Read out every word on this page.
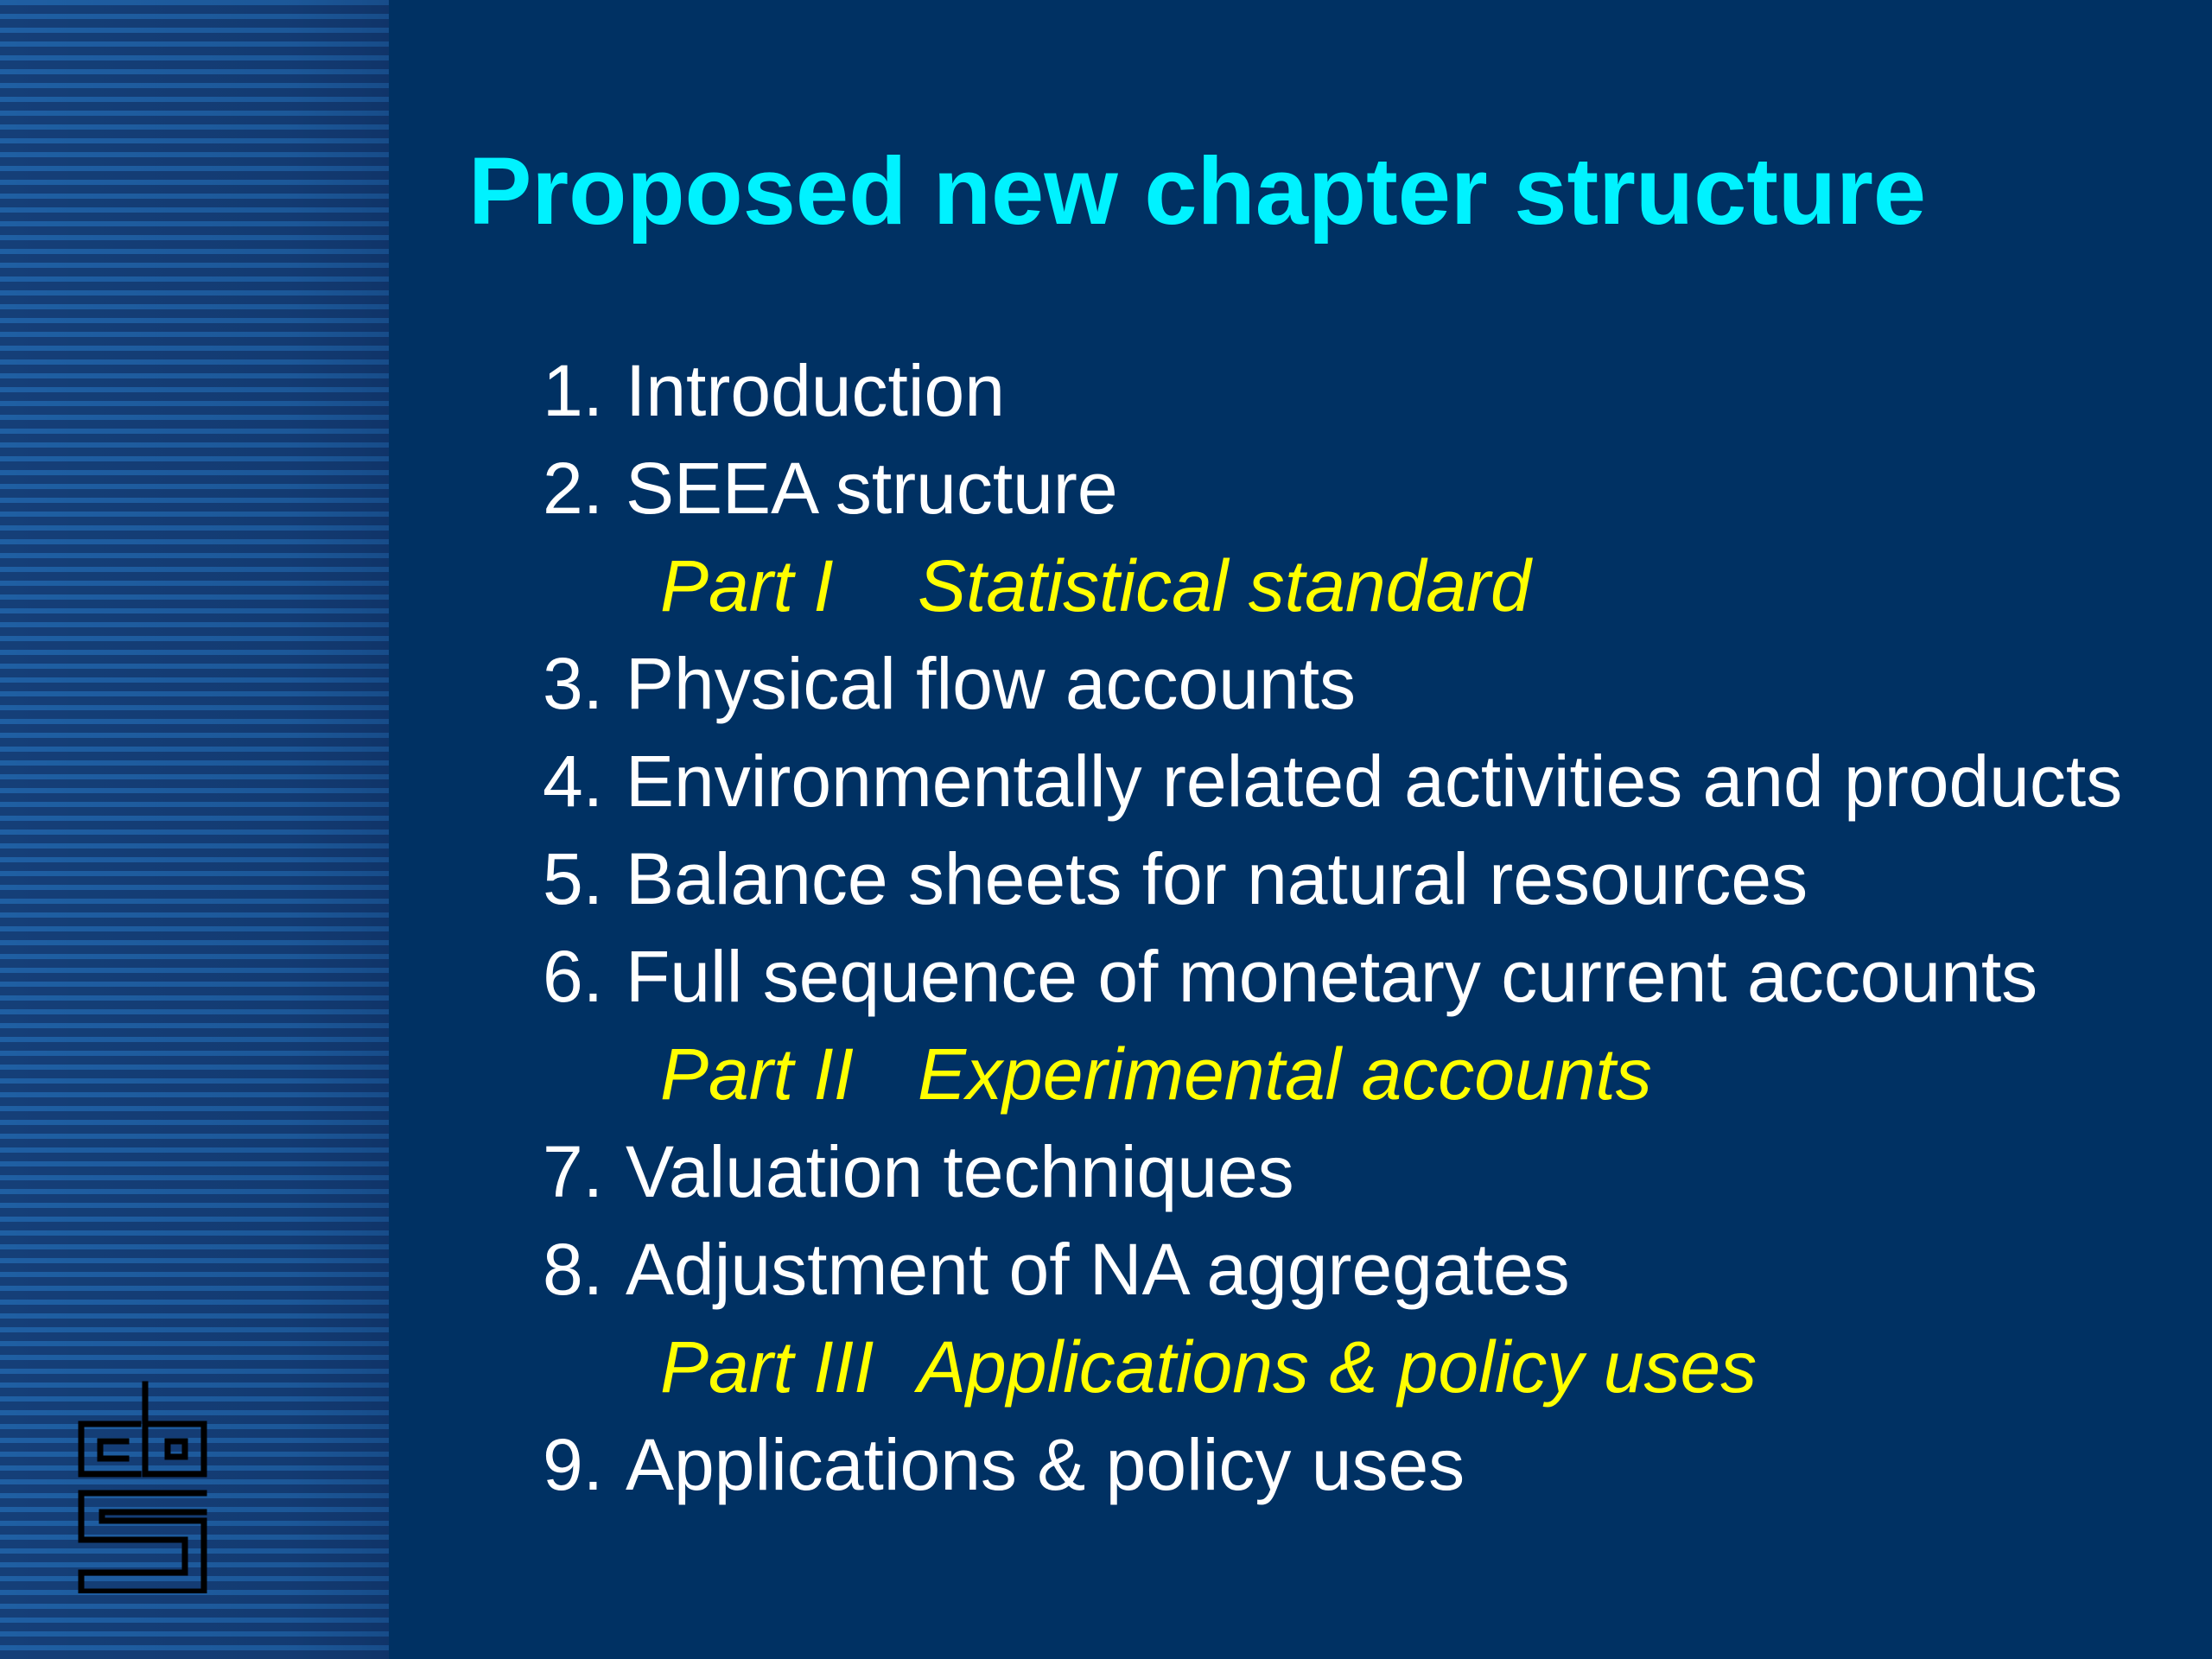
Proposed new chapter structure
1. Introduction
2. SEEA structure
Part I Statistical standard
3. Physical flow accounts
4. Environmentally related activities and products
5. Balance sheets for natural resources
6. Full sequence of monetary current accounts
Part II Experimental accounts
7. Valuation techniques
8. Adjustment of NA aggregates
Part III Applications & policy uses
9. Applications & policy uses
